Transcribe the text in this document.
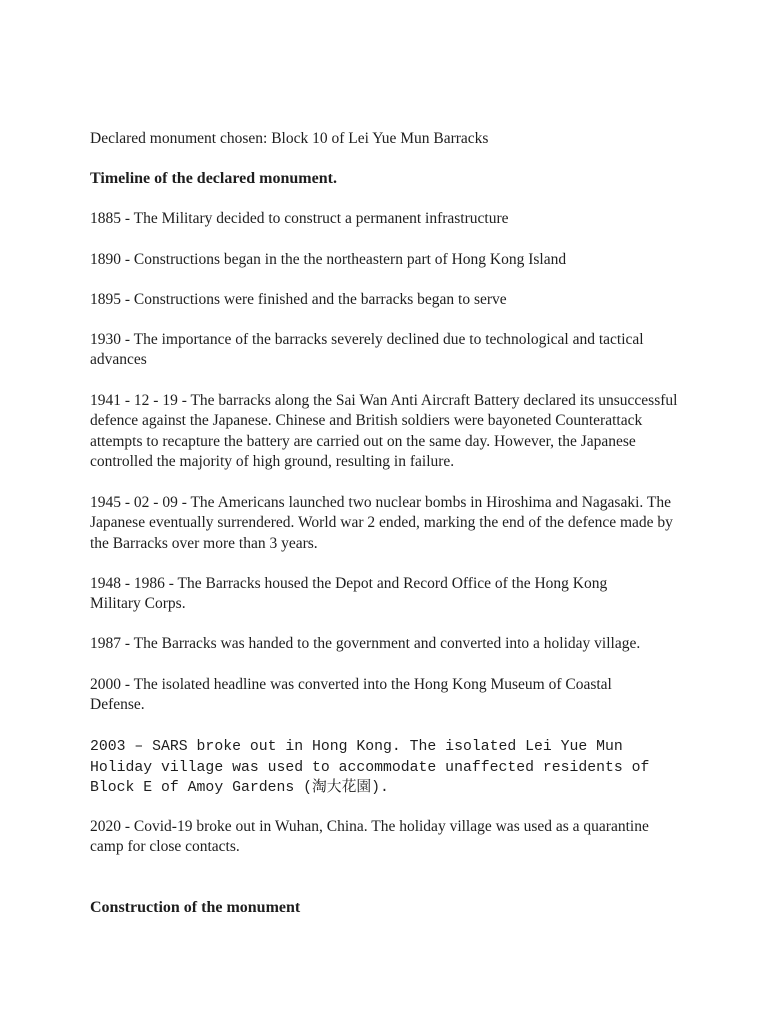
Declared monument chosen: Block 10 of Lei Yue Mun Barracks

Timeline of the declared monument.

1885 - The Military decided to construct a permanent infrastructure

1890 - Constructions began in the the northeastern part of Hong Kong Island

1895 - Constructions were finished and the barracks began to serve

1930 - The importance of the barracks severely declined due to technological and tactical advances

1941 - 12 - 19 - The barracks along the Sai Wan Anti Aircraft Battery declared its unsuccessful defence against the Japanese. Chinese and British soldiers were bayoneted Counterattack attempts to recapture the battery are carried out on the same day. However, the Japanese controlled the majority of high ground, resulting in failure.

1945 - 02 - 09 - The Americans launched two nuclear bombs in Hiroshima and Nagasaki. The Japanese eventually surrendered. World war 2 ended, marking the end of the defence made by the Barracks over more than 3 years.

1948 - 1986 - The Barracks housed the Depot and Record Office of the Hong Kong Military Corps.

1987 - The Barracks was handed to the government and converted into a holiday village.

2000 - The isolated headline was converted into the Hong Kong Museum of Coastal Defense.

2003 – SARS broke out in Hong Kong. The isolated Lei Yue Mun Holiday village was used to accommodate unaffected residents of Block E of Amoy Gardens (淘大花園).

2020 - Covid-19 broke out in Wuhan, China. The holiday village was used as a quarantine camp for close contacts.

Construction of the monument
